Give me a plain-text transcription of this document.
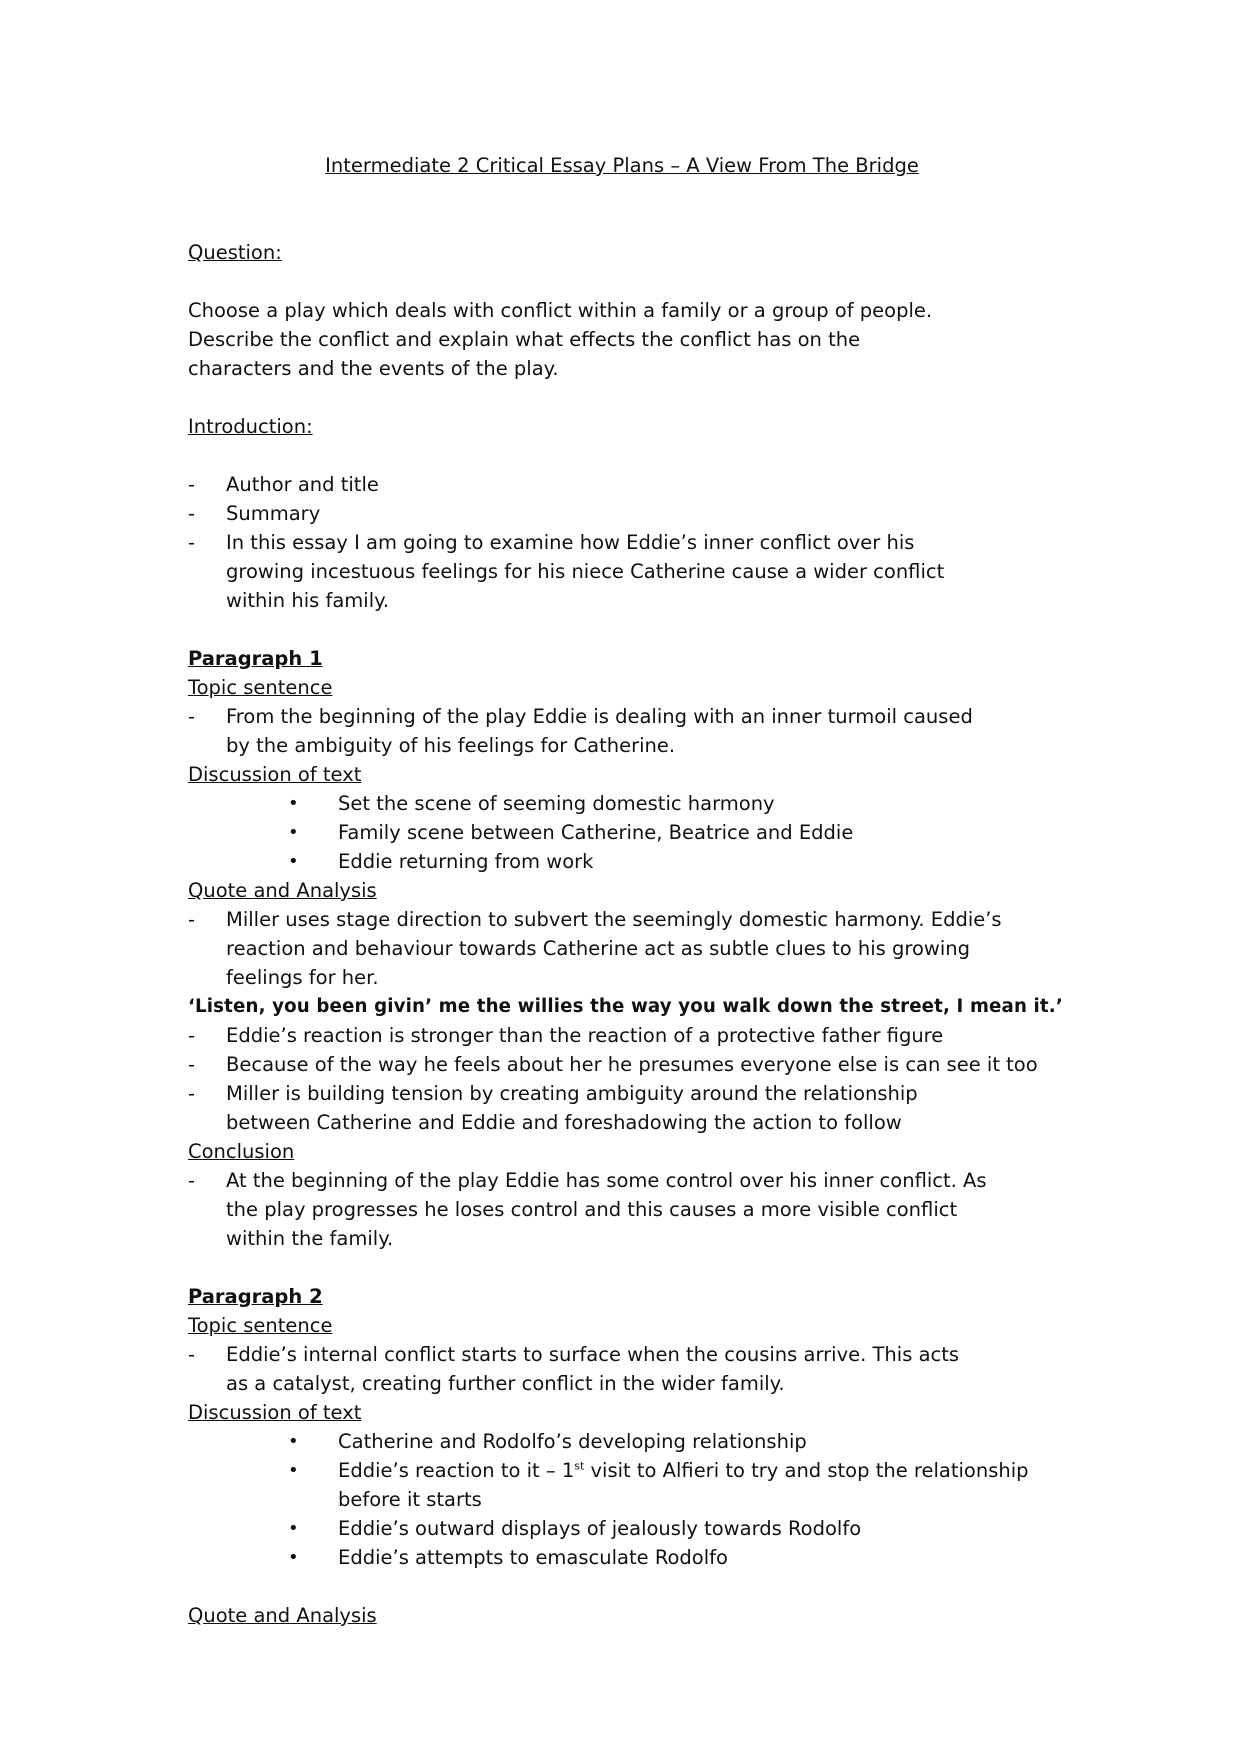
Intermediate 2 Critical Essay Plans – A View From The Bridge

Question:

Choose a play which deals with conflict within a family or a group of people.

Describe the conflict and explain what effects the conflict has on the characters and the events of the play.

Introduction:

- Author and title

- Summary

- In this essay I am going to examine how Eddie’s inner conflict over his growing incestuous feelings for his niece Catherine cause a wider conflict within his family.

Paragraph 1

Topic sentence

- From the beginning of the play Eddie is dealing with an inner turmoil caused by the ambiguity of his feelings for Catherine.

Discussion of text

• Set the scene of seeming domestic harmony

• Family scene between Catherine, Beatrice and Eddie

• Eddie returning from work

Quote and Analysis

- Miller uses stage direction to subvert the seemingly domestic harmony. Eddie’s reaction and behaviour towards Catherine act as subtle clues to his growing feelings for her.

‘Listen, you been givin’ me the willies the way you walk down the street, I mean it.’

- Eddie’s reaction is stronger than the reaction of a protective father figure

- Because of the way he feels about her he presumes everyone else is can see it too

- Miller is building tension by creating ambiguity around the relationship between Catherine and Eddie and foreshadowing the action to follow

Conclusion

- At the beginning of the play Eddie has some control over his inner conflict. As the play progresses he loses control and this causes a more visible conflict within the family.

Paragraph 2

Topic sentence

- Eddie’s internal conflict starts to surface when the cousins arrive. This acts as a catalyst, creating further conflict in the wider family.

Discussion of text

• Catherine and Rodolfo’s developing relationship

• Eddie’s reaction to it – 1st visit to Alfieri to try and stop the relationship before it starts

• Eddie’s outward displays of jealously towards Rodolfo

• Eddie’s attempts to emasculate Rodolfo

Quote and Analysis
